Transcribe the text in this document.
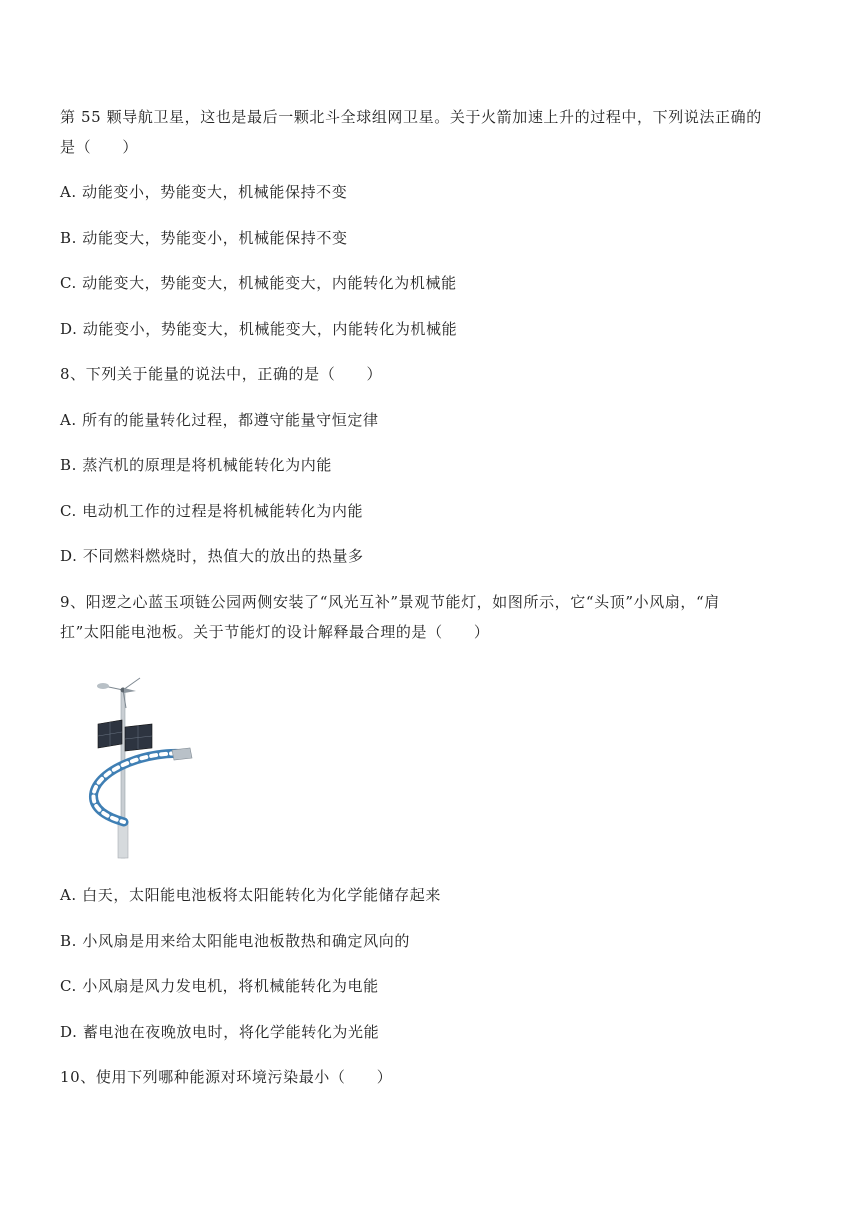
第 55 颗导航卫星，这也是最后一颗北斗全球组网卫星。关于火箭加速上升的过程中，下列说法正确的
是（　　）
A. 动能变小，势能变大，机械能保持不变
B. 动能变大，势能变小，机械能保持不变
C. 动能变大，势能变大，机械能变大，内能转化为机械能
D. 动能变小，势能变大，机械能变大，内能转化为机械能
8、下列关于能量的说法中，正确的是（　　）
A. 所有的能量转化过程，都遵守能量守恒定律
B. 蒸汽机的原理是将机械能转化为内能
C. 电动机工作的过程是将机械能转化为内能
D. 不同燃料燃烧时，热值大的放出的热量多
9、阳逻之心蓝玉项链公园两侧安装了“风光互补”景观节能灯，如图所示，它“头顶”小风扇，“肩
扛”太阳能电池板。关于节能灯的设计解释最合理的是（　　）
A. 白天，太阳能电池板将太阳能转化为化学能储存起来
B. 小风扇是用来给太阳能电池板散热和确定风向的
C. 小风扇是风力发电机，将机械能转化为电能
D. 蓄电池在夜晚放电时，将化学能转化为光能
10、使用下列哪种能源对环境污染最小（　　）
